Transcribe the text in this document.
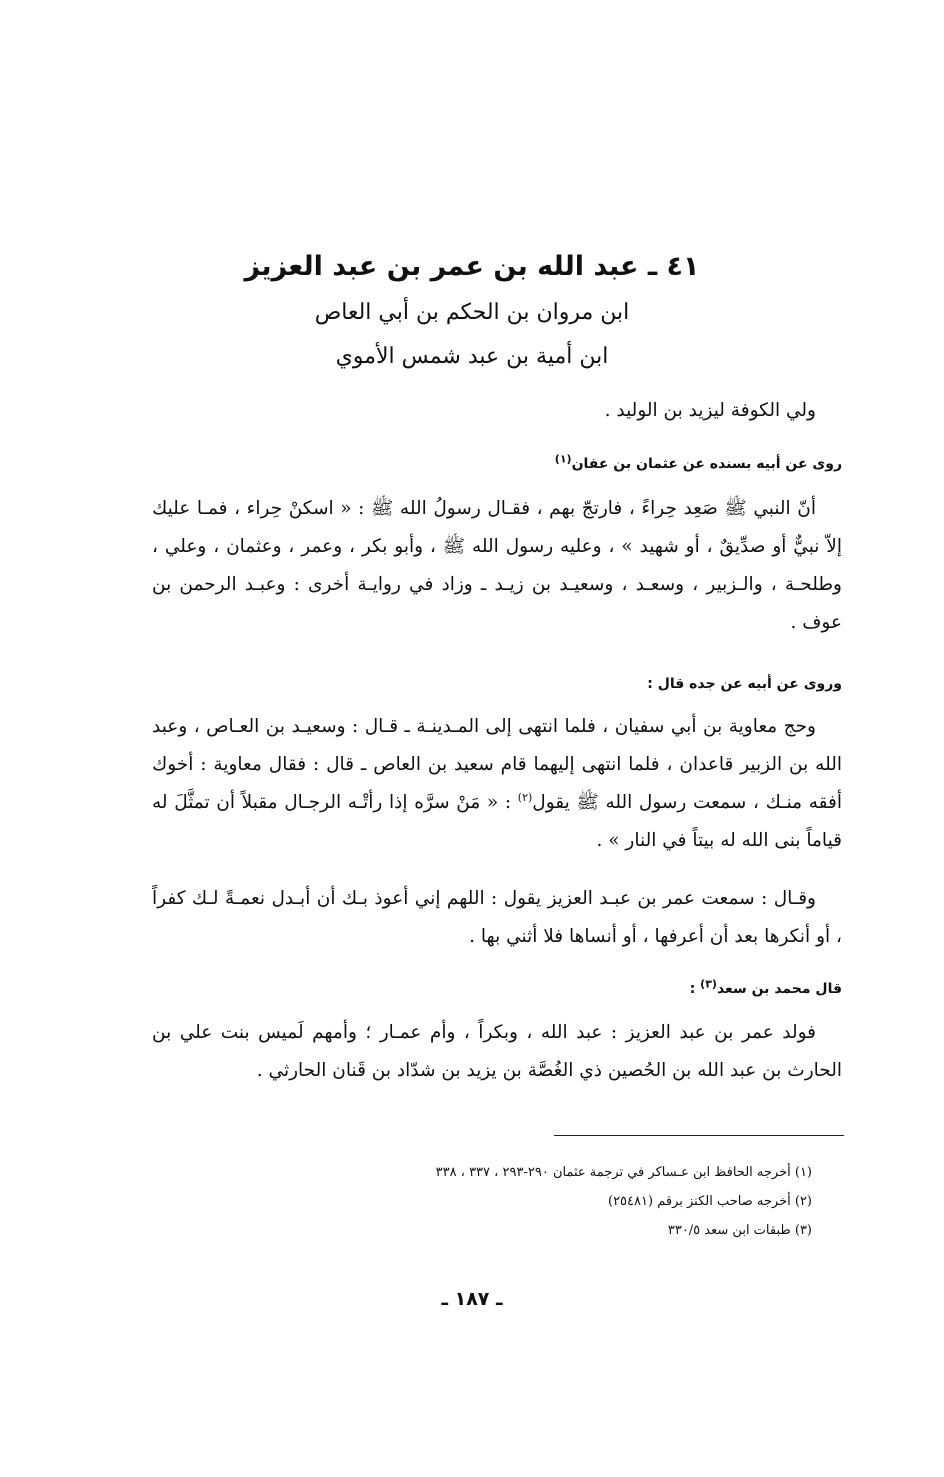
٤١ ـ عبد الله بن عمر بن عبد العزيز
ابن مروان بن الحكم بن أبي العاص
ابن أمية بن عبد شمس الأموي
ولي الكوفة ليزيد بن الوليد .
روى عن أبيه بسنده عن عثمان بن عفان$^{(١)}$
أنّ النبي ﷺ صَعِد حِراءً ، فارتجّ بهم ، فقـال رسولُ الله ﷺ : « اسكنْ حِراء ، فمـا عليك إلاّ نبيٌّ أو صدِّيقٌ ، أو شهيد » ، وعليه رسول الله ﷺ ، وأبو بكر ، وعمر ، وعثمان ، وعلي ، وطلحـة ، والـزبير ، وسعـد ، وسعيـد بن زيـد ـ وزاد في روايـة أخرى : وعبـد الرحمن بن عوف .
وروى عن أبيه عن جده قال :
وحج معاوية بن أبي سفيان ، فلما انتهى إلى المـدينـة ـ قـال : وسعيـد بن العـاص ، وعبد الله بن الزبير قاعدان ، فلما انتهى إليهما قام سعيد بن العاص ـ قال : فقال معاوية : أخوك أفقه منـك ، سمعت رسول الله ﷺ يقول$^{(٢)}$ : « مَنْ سرَّه إذا رأتْـه الرجـال مقبلاً أن تمثَّلَ له قياماً بنى الله له بيتاً في النار » .
وقـال : سمعت عمر بن عبـد العزيز يقول : اللهم إني أعوذ بـك أن أبـدل نعمـةً لـك كفراً ، أو أنكرها بعد أن أعرفها ، أو أنساها فلا أثني بها .
قال محمد بن سعد$^{(٣)}$ :
فولد عمر بن عبد العزيز : عبد الله ، وبكراً ، وأم عمـار ؛ وأمهم لَميس بنت علي بن الحارث بن عبد الله بن الحُصين ذي الغُصَّة بن يزيد بن شدّاد بن قَنان الحارثي .
(١) أخرجه الحافظ ابن عـساكر في ترجمة عثمان ٢٩٠-٢٩٣ ، ٣٣٧ ، ٣٣٨
(٢) أخرجه صاحب الكنز برقم (٢٥٤٨١)
(٣) طبقات ابن سعد ٣٣٠/٥
ـ ١٨٧ ـ
